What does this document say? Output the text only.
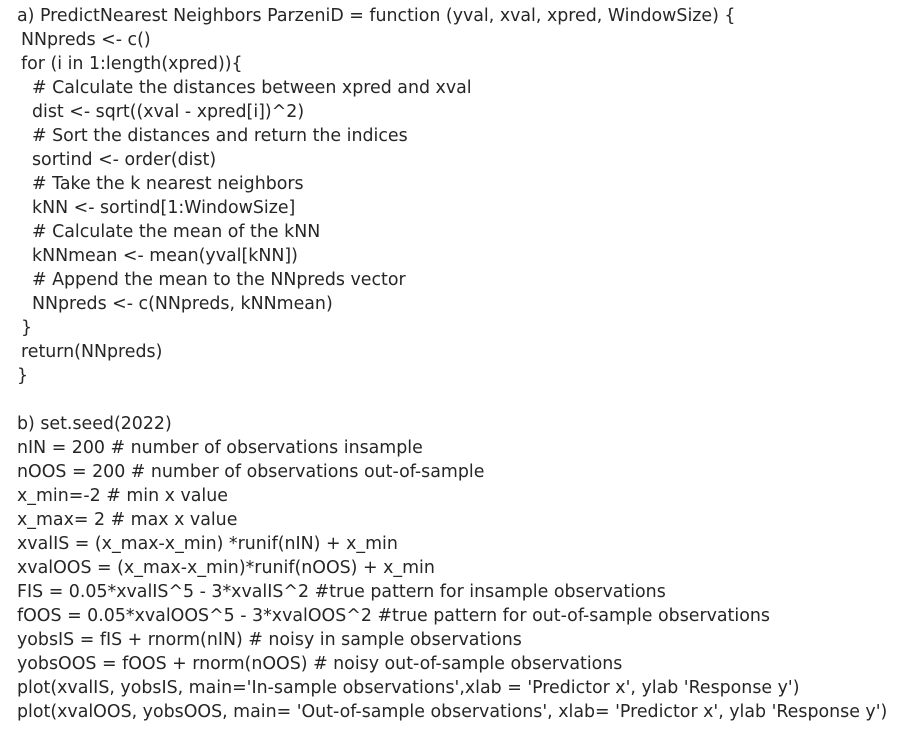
a) PredictNearest Neighbors ParzeniD = function (yval, xval, xpred, WindowSize) {
NNpreds <- c()
for (i in 1:length(xpred)){
# Calculate the distances between xpred and xval
dist <- sqrt((xval - xpred[i])^2)
# Sort the distances and return the indices
sortind <- order(dist)
# Take the k nearest neighbors
kNN <- sortind[1:WindowSize]
# Calculate the mean of the kNN
kNNmean <- mean(yval[kNN])
# Append the mean to the NNpreds vector
NNpreds <- c(NNpreds, kNNmean)
}
return(NNpreds)
}
b) set.seed(2022)
nIN = 200 # number of observations insample
nOOS = 200 # number of observations out-of-sample
x_min=-2 # min x value
x_max= 2 # max x value
xvalIS = (x_max-x_min) *runif(nIN) + x_min
xvalOOS = (x_max-x_min)*runif(nOOS) + x_min
FIS = 0.05*xvalIS^5 - 3*xvalIS^2 #true pattern for insample observations
fOOS = 0.05*xvalOOS^5 - 3*xvalOOS^2 #true pattern for out-of-sample observations
yobsIS = fIS + rnorm(nIN) # noisy in sample observations
yobsOOS = fOOS + rnorm(nOOS) # noisy out-of-sample observations
plot(xvalIS, yobsIS, main='In-sample observations',xlab = 'Predictor x', ylab 'Response y')
plot(xvalOOS, yobsOOS, main= 'Out-of-sample observations', xlab= 'Predictor x', ylab 'Response y')
